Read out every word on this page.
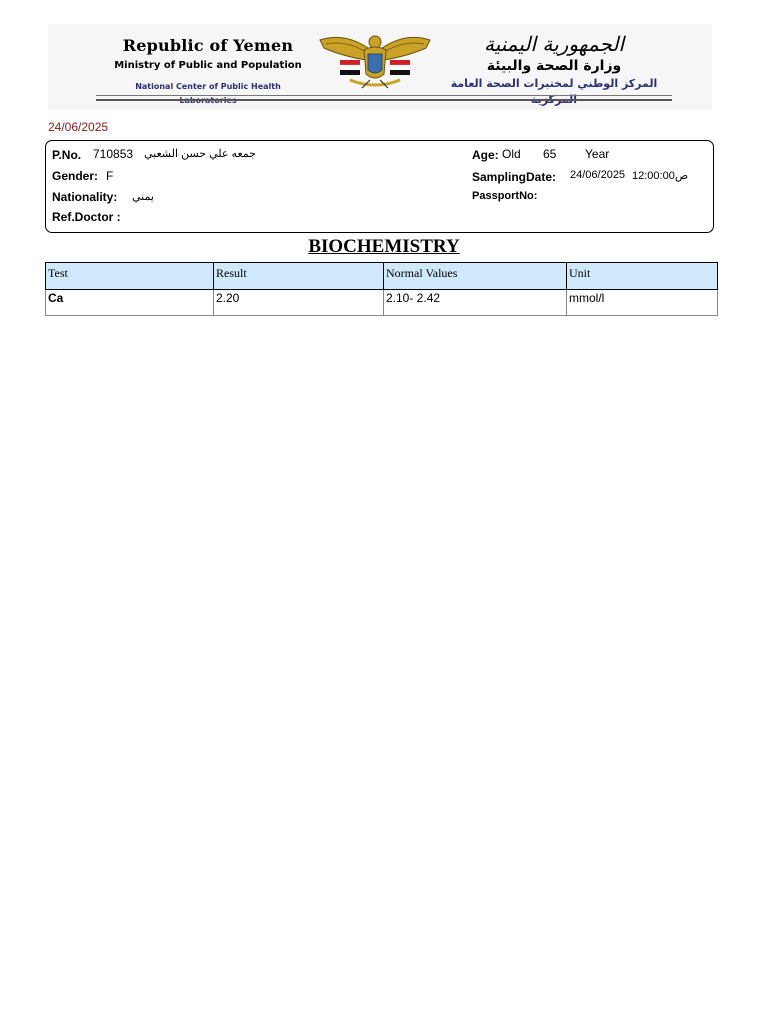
Republic of Yemen
Ministry of Public and Population
National Center of Public Health Laboratories
الجمهورية اليمنية
وزارة الصحة والبيئة
المركز الوطني لمختبرات الصحة العامة المركزية
24/06/2025
P.No. 710853 جمعه علي حسن الشعبي
Gender: F
Nationality: يمني
Ref.Doctor :
Age: Old 65 Year
SamplingDate: 24/06/2025 12:00:00ص
PassportNo:
BIOCHEMISTRY
Test	Result	Normal Values	Unit
Ca	2.20	2.10- 2.42	mmol/l
